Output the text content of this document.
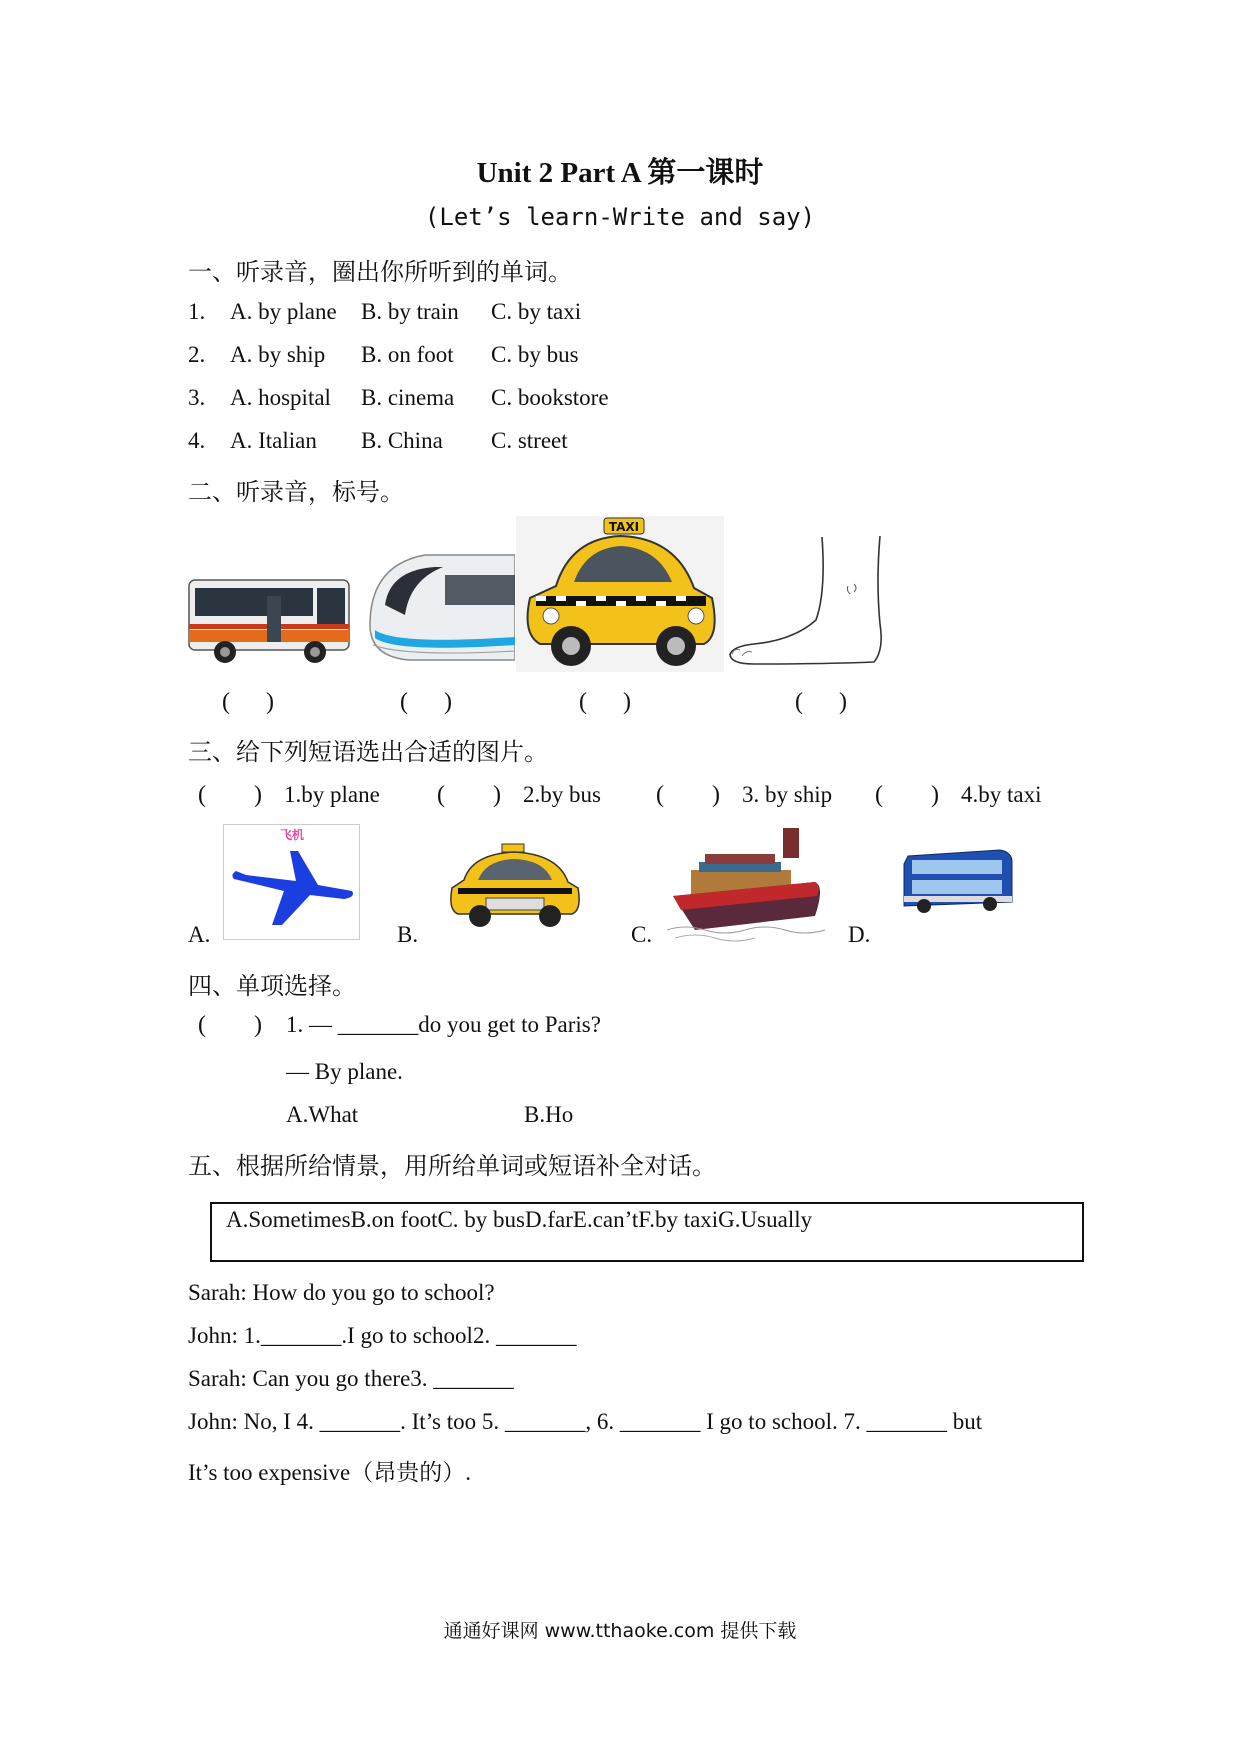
Unit 2 Part A 第一课时
(Let’s learn-Write and say)
一、听录音，圈出你所听到的单词。
1. A. by plane B. by train C. by taxi
2. A. by ship B. on foot C. by bus
3. A. hospital B. cinema C. bookstore
4. A. Italian B. China C. street
二、听录音，标号。
TAXI
(      )	(      )	(      )	(      )
三、给下列短语选出合适的图片。
(        ) 1.by plane (        ) 2.by bus (        ) 3. by ship (        ) 4.by taxi
飞机
A.	B.	C.	D.
四、单项选择。
(        ) 1. — _______do you get to Paris?
— By plane.
A.What	B.Ho
五、根据所给情景，用所给单词或短语补全对话。
A.SometimesB.on footC. by busD.farE.can’tF.by taxiG.Usually
Sarah: How do you go to school?
John: 1._______.I go to school2. _______
Sarah: Can you go there3. _______
John: No, I 4. _______. It’s too 5. _______, 6. _______ I go to school. 7. _______ but
It’s too expensive（昂贵的）.
通通好课网 www.tthaoke.com 提供下载
